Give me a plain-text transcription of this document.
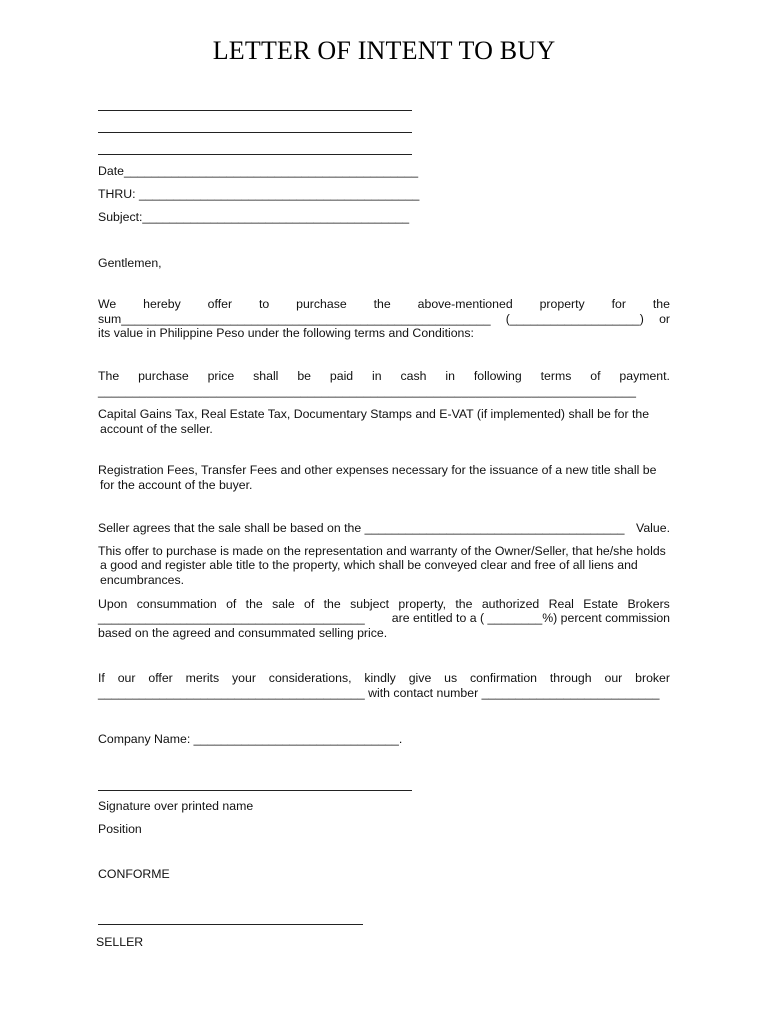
LETTER OF INTENT TO BUY
Date___________________________________________
THRU: _________________________________________
Subject:_______________________________________
Gentlemen,
We hereby offer to purchase the above-mentioned property for the
sum______________________________________________________ (___________________) or
its value in Philippine Peso under the following terms and Conditions:
The purchase price shall be paid in cash in following terms of payment.
_____________________________________________________________________________
Capital Gains Tax, Real Estate Tax, Documentary Stamps and E-VAT (if implemented) shall be for the
account of the seller.
Registration Fees, Transfer Fees and other expenses necessary for the issuance of a new title shall be
for the account of the buyer.
Seller agrees that the sale shall be based on the ______________________________________ Value.
This offer to purchase is made on the representation and warranty of the Owner/Seller, that he/she holds
a good and register able title to the property, which shall be conveyed clear and free of all liens and
encumbrances.
Upon consummation of the sale of the subject property, the authorized Real Estate Brokers
_______________________________________ are entitled to a ( ________%) percent commission
based on the agreed and consummated selling price.
If our offer merits your considerations, kindly give us confirmation through our broker
_______________________________________ with contact number __________________________
Company Name: ______________________________.
Signature over printed name
Position
CONFORME
SELLER
